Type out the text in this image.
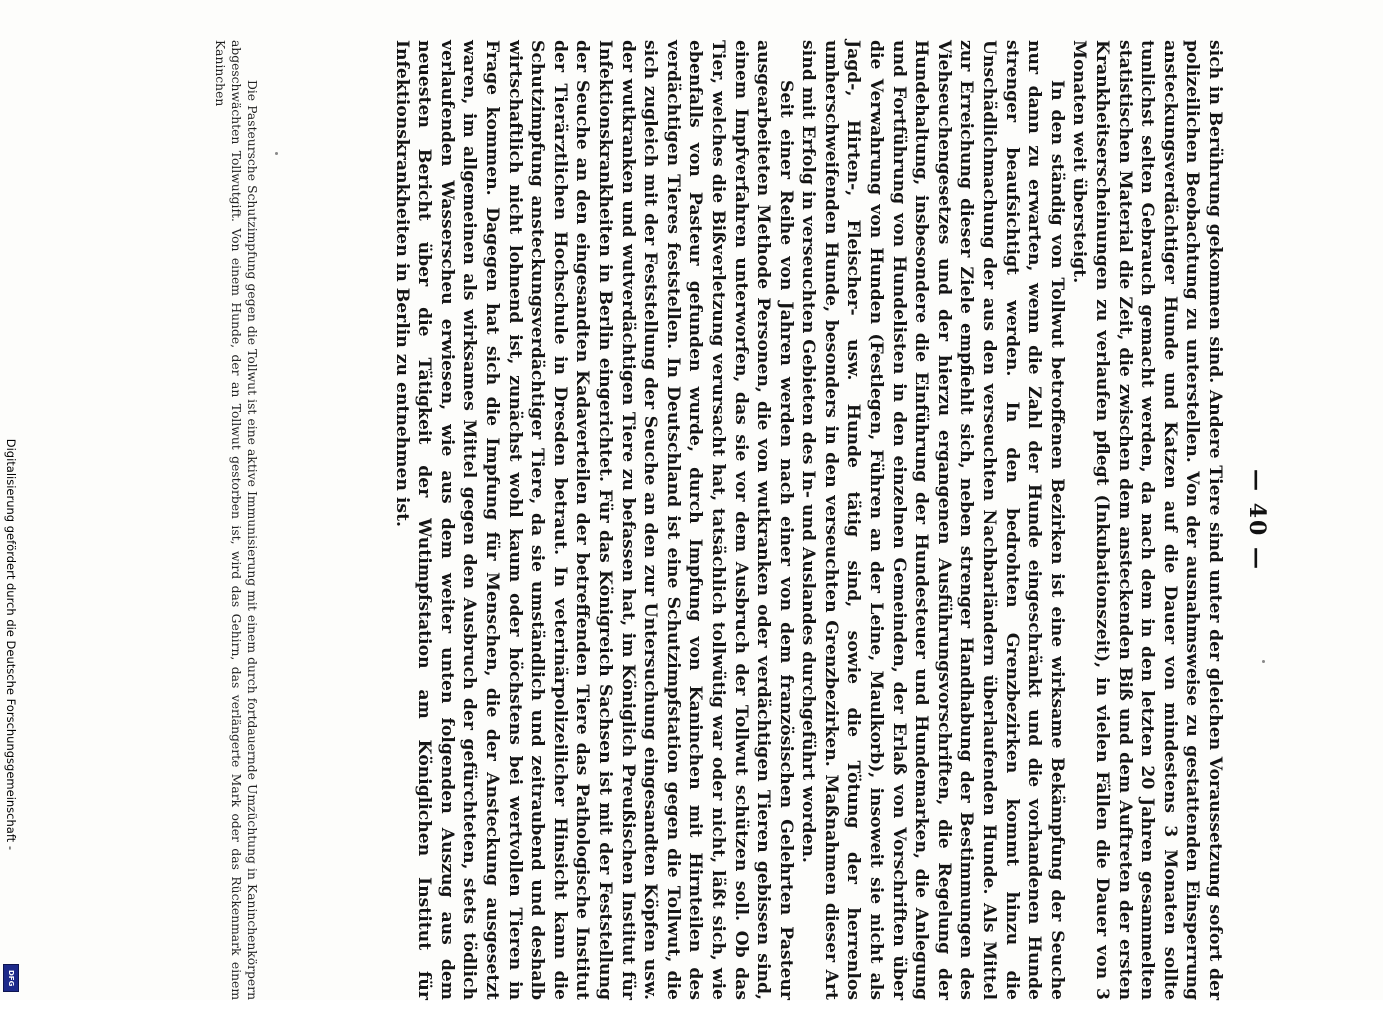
— 40 —

sich in Berührung gekommen sind. Andere Tiere sind unter der gleichen Voraussetzung sofort der polizeilichen Beobachtung zu unterstellen. Von der ausnahmsweise zu gestattenden Einsperrung ansteckungsverdächtiger Hunde und Katzen auf die Dauer von mindestens 3 Monaten sollte tunlichst selten Gebrauch gemacht werden, da nach dem in den letzten 20 Jahren gesammelten statistischen Material die Zeit, die zwischen dem ansteckenden Biß und dem Auftreten der ersten Krankheitserscheinungen zu verlaufen pflegt (Inkubationszeit), in vielen Fällen die Dauer von 3 Monaten weit übersteigt.

In den ständig von Tollwut betroffenen Bezirken ist eine wirksame Bekämpfung der Seuche nur dann zu erwarten, wenn die Zahl der Hunde eingeschränkt und die vorhandenen Hunde strenger beaufsichtigt werden. In den bedrohten Grenzbezirken kommt hinzu die Unschädlichmachung der aus den verseuchten Nachbarländern überlaufenden Hunde. Als Mittel zur Erreichung dieser Ziele empfiehlt sich, neben strenger Handhabung der Bestimmungen des Viehseuchengesetzes und der hierzu ergangenen Ausführungsvorschriften, die Regelung der Hundehaltung, insbesondere die Einführung der Hundesteuer und Hundemarken, die Anlegung und Fortführung von Hundelisten in den einzelnen Gemeinden, der Erlaß von Vorschriften über die Verwahrung von Hunden (Festlegen, Führen an der Leine, Maulkorb), insoweit sie nicht als Jagd-, Hirten-, Fleischer- usw. Hunde tätig sind, sowie die Tötung der herrenlos umherschweifenden Hunde, besonders in den verseuchten Grenzbezirken. Maßnahmen dieser Art sind mit Erfolg in verseuchten Gebieten des In- und Auslandes durchgeführt worden.

Seit einer Reihe von Jahren werden nach einer von dem französischen Gelehrten Pasteur ausgearbeiteten Methode Personen, die von wutkranken oder verdächtigen Tieren gebissen sind, einem Impfverfahren unterworfen, das sie vor dem Ausbruch der Tollwut schützen soll. Ob das Tier, welches die Bißverletzung verursacht hat, tatsächlich tollwütig war oder nicht, läßt sich, wie ebenfalls von Pasteur gefunden wurde, durch Impfung von Kaninchen mit Hirnteilen des verdächtigen Tieres feststellen. In Deutschland ist eine Schutzimpfstation gegen die Tollwut, die sich zugleich mit der Feststellung der Seuche an den zur Untersuchung eingesandten Köpfen usw. der wutkranken und wutverdächtigen Tiere zu befassen hat, im Königlich Preußischen Institut für Infektionskrankheiten in Berlin eingerichtet. Für das Königreich Sachsen ist mit der Feststellung der Seuche an den eingesandten Kadaverteilen der betreffenden Tiere das Pathologische Institut der Tierärztlichen Hochschule in Dresden betraut. In veterinärpolizeilicher Hinsicht kann die Schutzimpfung ansteckungsverdächtiger Tiere, da sie umständlich und zeitraubend und deshalb wirtschaftlich nicht lohnend ist, zunächst wohl kaum oder höchstens bei wertvollen Tieren in Frage kommen. Dagegen hat sich die Impfung für Menschen, die der Ansteckung ausgesetzt waren, im allgemeinen als wirksames Mittel gegen den Ausbruch der gefürchteten, stets tödlich verlaufenden Wasserscheu erwiesen, wie aus dem weiter unten folgenden Auszug aus dem neuesten Bericht über die Tätigkeit der Wutimpfstation am Königlichen Institut für Infektionskrankheiten in Berlin zu entnehmen ist.

Die Pasteursche Schutzimpfung gegen die Tollwut ist eine aktive Immunisierung mit einem durch fortdauernde Umzüchtung in Kaninchenkörpern abgeschwächten Tollwutgift. Von einem Hunde, der an Tollwut gestorben ist, wird das Gehirn, das verlängerte Mark oder das Rückenmark einem Kaninchen
Digitalisierung gefördert durch die Deutsche Forschungsgemeinschaft -
DFG
